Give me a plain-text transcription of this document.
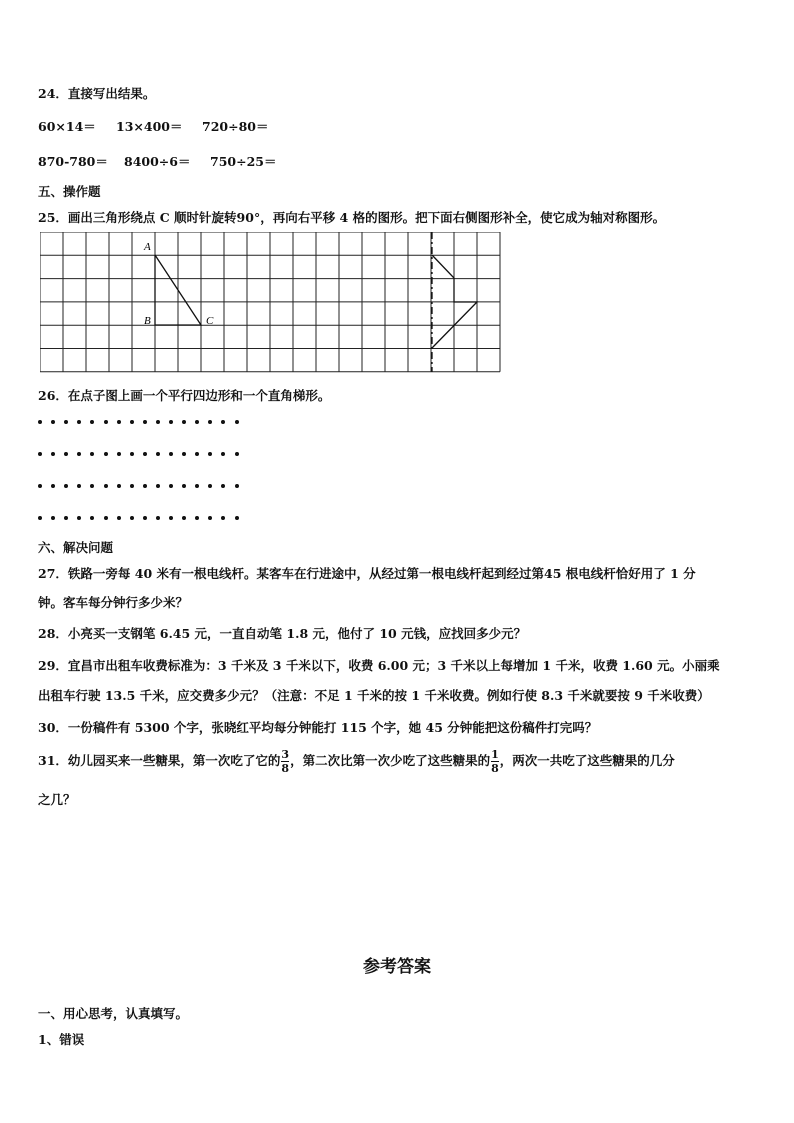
24．直接写出结果。
60×14＝ 13×400＝ 720÷80＝
870-780＝ 8400÷6＝ 750÷25＝
五、操作题
25．画出三角形绕点 C 顺时针旋转90°，再向右平移 4 格的图形。把下面右侧图形补全，使它成为轴对称图形。
A
B	C
26．在点子图上画一个平行四边形和一个直角梯形。
六、解决问题
27．铁路一旁每 40 米有一根电线杆。某客车在行进途中，从经过第一根电线杆起到经过第45 根电线杆恰好用了 1 分
钟。客车每分钟行多少米？
28．小亮买一支钢笔 6.45 元，一直自动笔 1.8 元，他付了 10 元钱，应找回多少元？
29．宜昌市出租车收费标准为：3 千米及 3 千米以下，收费 6.00 元；3 千米以上每增加 1 千米，收费 1.60 元。小丽乘
出租车行驶 13.5 千米，应交费多少元？（注意：不足 1 千米的按 1 千米收费。例如行使 8.3 千米就要按 9 千米收费）
30．一份稿件有 5300 个字，张晓红平均每分钟能打 115 个字，她 45 分钟能把这份稿件打完吗？
31．幼儿园买来一些糖果，第一次吃了它的 $\frac{3}{8}$ ，第二次比第一次少吃了这些糖果的 $\frac{1}{8}$ ，两次一共吃了这些糖果的几分
之几？
参考答案
一、用心思考，认真填写。
1、错误
